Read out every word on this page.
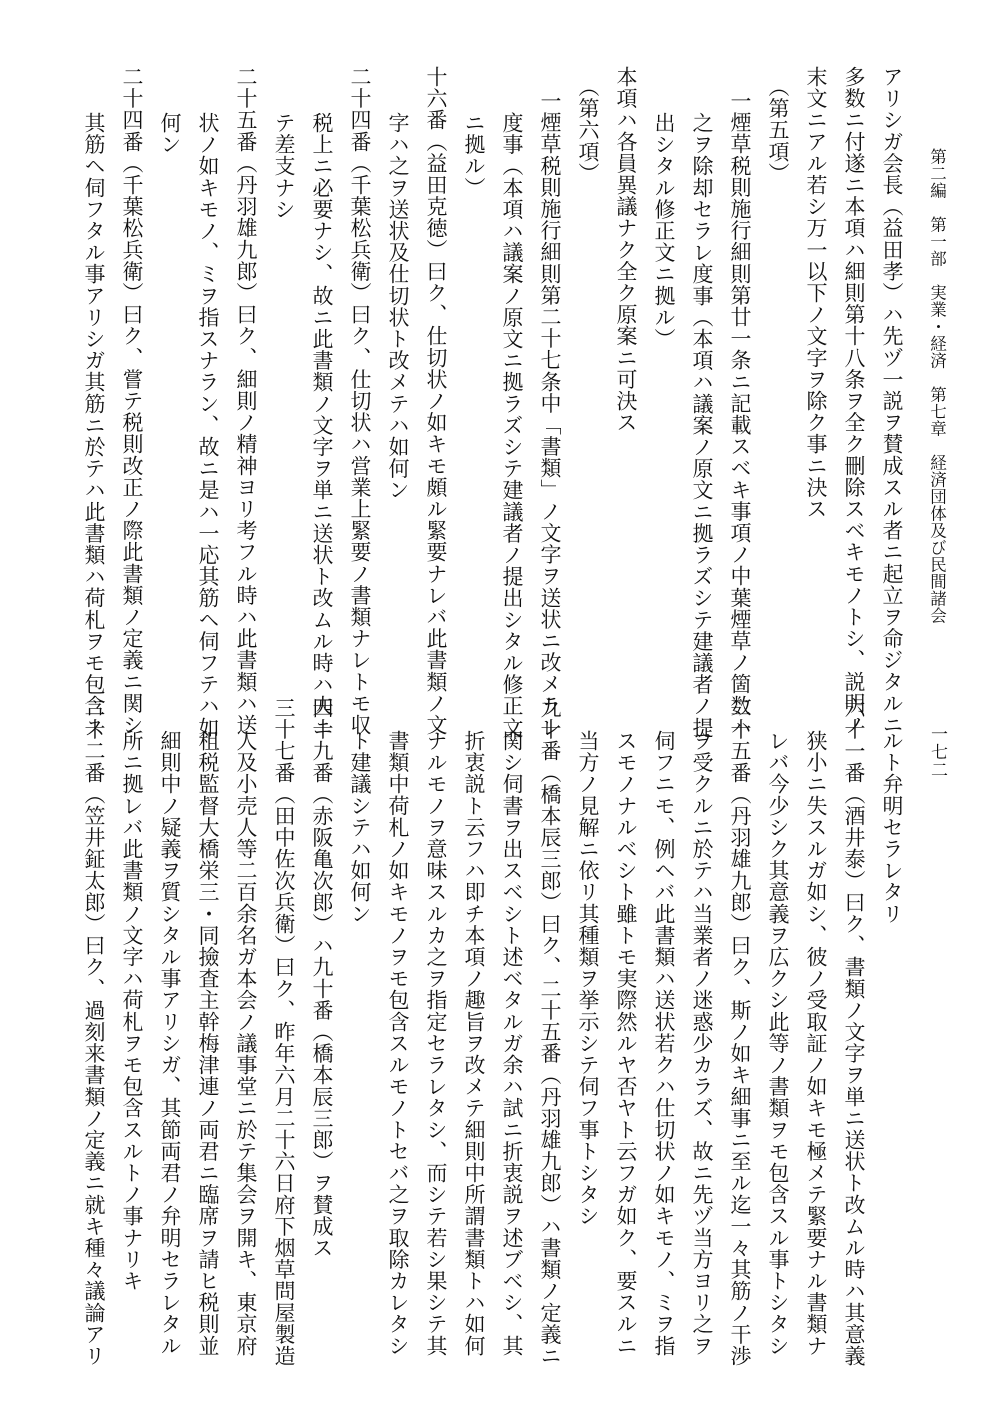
第二編　第一部　実業・経済　第七章　経済団体及び民間諸会
一七二
アリシガ会長（益田孝）ハ先ヅ一説ヲ賛成スル者ニ起立ヲ命ジタルニ
多数ニ付遂ニ本項ハ細則第十八条ヲ全ク刪除スベキモノトシ、説明ノ
末文ニアル若シ万一以下ノ文字ヲ除ク事ニ決ス
（第五項）
一煙草税則施行細則第廿一条ニ記載スベキ事項ノ中葉煙草ノ箇数ハ
之ヲ除却セラレ度事（本項ハ議案ノ原文ニ拠ラズシテ建議者ノ提
出シタル修正文ニ拠ル）
本項ハ各員異議ナク全ク原案ニ可決ス
（第六項）
一煙草税則施行細則第二十七条中「書類」ノ文字ヲ送状ニ改メラレ
度事（本項ハ議案ノ原文ニ拠ラズシテ建議者ノ提出シタル修正文
ニ拠ル）
十六番（益田克徳）曰ク、仕切状ノ如キモ頗ル緊要ナレバ此書類ノ文
字ハ之ヲ送状及仕切状ト改メテハ如何ン
二十四番（千葉松兵衛）曰ク、仕切状ハ営業上緊要ノ書類ナレトモ収
税上ニ必要ナシ、故ニ此書類ノ文字ヲ単ニ送状ト改ムル時ハ夫ニ
テ差支ナシ
二十五番（丹羽雄九郎）曰ク、細則ノ精神ヨリ考フル時ハ此書類ハ送
状ノ如キモノ、ミヲ指スナラン、故ニ是ハ一応其筋ヘ伺フテハ如
何ン
二十四番（千葉松兵衛）曰ク、嘗テ税則改正ノ際此書類ノ定義ニ関シ
其筋ヘ伺フタル事アリシガ其筋ニ於テハ此書類ハ荷札ヲモ包含ス
ルト弁明セラレタリ
六十一番（酒井泰）曰ク、書類ノ文字ヲ単ニ送状ト改ムル時ハ其意義
狭小ニ失スルガ如シ、彼ノ受取証ノ如キモ極メテ緊要ナル書類ナ
レバ今少シク其意義ヲ広クシ此等ノ書類ヲモ包含スル事トシタシ
二十五番（丹羽雄九郎）曰ク、斯ノ如キ細事ニ至ル迄一々其筋ノ干渉
ヲ受クルニ於テハ当業者ノ迷惑少カラズ、故ニ先ヅ当方ヨリ之ヲ
伺フニモ、例ヘバ此書類ハ送状若クハ仕切状ノ如キモノ、ミヲ指
スモノナルベシト雖トモ実際然ルヤ否ヤト云フガ如ク、要スルニ
当方ノ見解ニ依リ其種類ヲ挙示シテ伺フ事トシタシ
九十番（橋本辰三郎）曰ク、二十五番（丹羽雄九郎）ハ書類ノ定義ニ
関シ伺書ヲ出スベシト述ベタルガ余ハ試ニ折衷説ヲ述ブベシ、其
折衷説ト云フハ即チ本項ノ趣旨ヲ改メテ細則中所謂書類トハ如何
ナルモノヲ意味スルカ之ヲ指定セラレタシ、而シテ若シ果シテ其
書類中荷札ノ如キモノヲモ包含スルモノトセバ之ヲ取除カレタシ
ト建議シテハ如何ン
四十九番（赤阪亀次郎）ハ九十番（橋本辰三郎）ヲ賛成ス
三十七番（田中佐次兵衛）曰ク、昨年六月二十六日府下烟草問屋製造
人及小売人等二百余名ガ本会ノ議事堂ニ於テ集会ヲ開キ、東京府
租税監督大橋栄三・同撿査主幹梅津連ノ両君ニ臨席ヲ請ヒ税則並
細則中ノ疑義ヲ質シタル事アリシガ、其節両君ノ弁明セラレタル
所ニ拠レバ此書類ノ文字ハ荷札ヲモ包含スルトノ事ナリキ
二十二番（笠井鉦太郎）曰ク、過刻来書類ノ定義ニ就キ種々議論アリ
